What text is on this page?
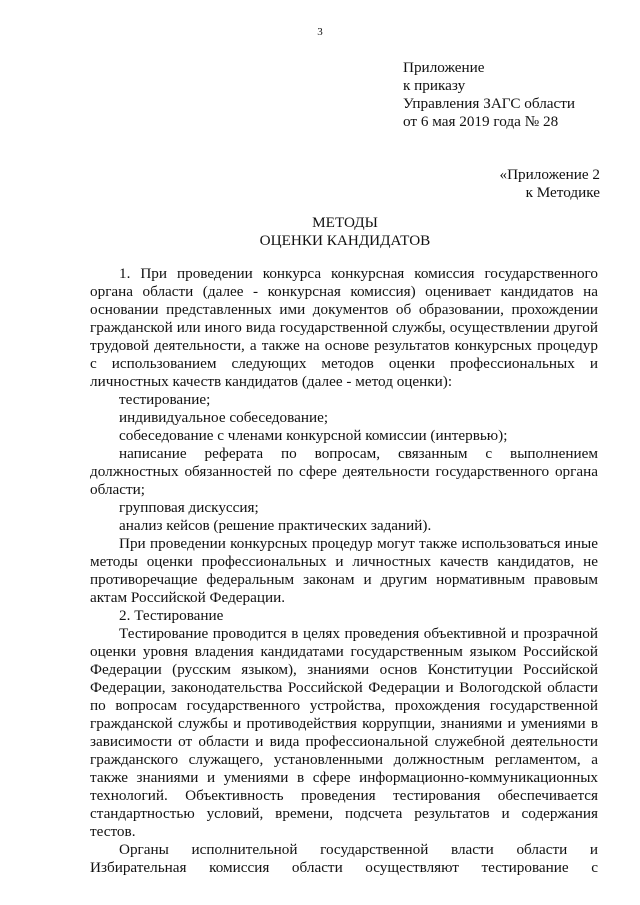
3
Приложение
к приказу
Управления ЗАГС области
от 6 мая 2019 года № 28
«Приложение 2
к Методике
МЕТОДЫ
ОЦЕНКИ КАНДИДАТОВ

1. При проведении конкурса конкурсная комиссия государственного органа области (далее - конкурсная комиссия) оценивает кандидатов на основании представленных ими документов об образовании, прохождении гражданской или иного вида государственной службы, осуществлении другой трудовой деятельности, а также на основе результатов конкурсных процедур с использованием следующих методов оценки профессиональных и личностных качеств кандидатов (далее - метод оценки):

тестирование;

индивидуальное собеседование;

собеседование с членами конкурсной комиссии (интервью);

написание реферата по вопросам, связанным с выполнением должностных обязанностей по сфере деятельности государственного органа области;

групповая дискуссия;

анализ кейсов (решение практических заданий).

При проведении конкурсных процедур могут также использоваться иные методы оценки профессиональных и личностных качеств кандидатов, не противоречащие федеральным законам и другим нормативным правовым актам Российской Федерации.

2. Тестирование

Тестирование проводится в целях проведения объективной и прозрачной оценки уровня владения кандидатами государственным языком Российской Федерации (русским языком), знаниями основ Конституции Российской Федерации, законодательства Российской Федерации и Вологодской области по вопросам государственного устройства, прохождения государственной гражданской службы и противодействия коррупции, знаниями и умениями в зависимости от области и вида профессиональной служебной деятельности гражданского служащего, установленными должностным регламентом, а также знаниями и умениями в сфере информационно-коммуникационных технологий. Объективность проведения тестирования обеспечивается стандартностью условий, времени, подсчета результатов и содержания тестов.

Органы исполнительной государственной власти области и Избирательная комиссия области осуществляют тестирование с
